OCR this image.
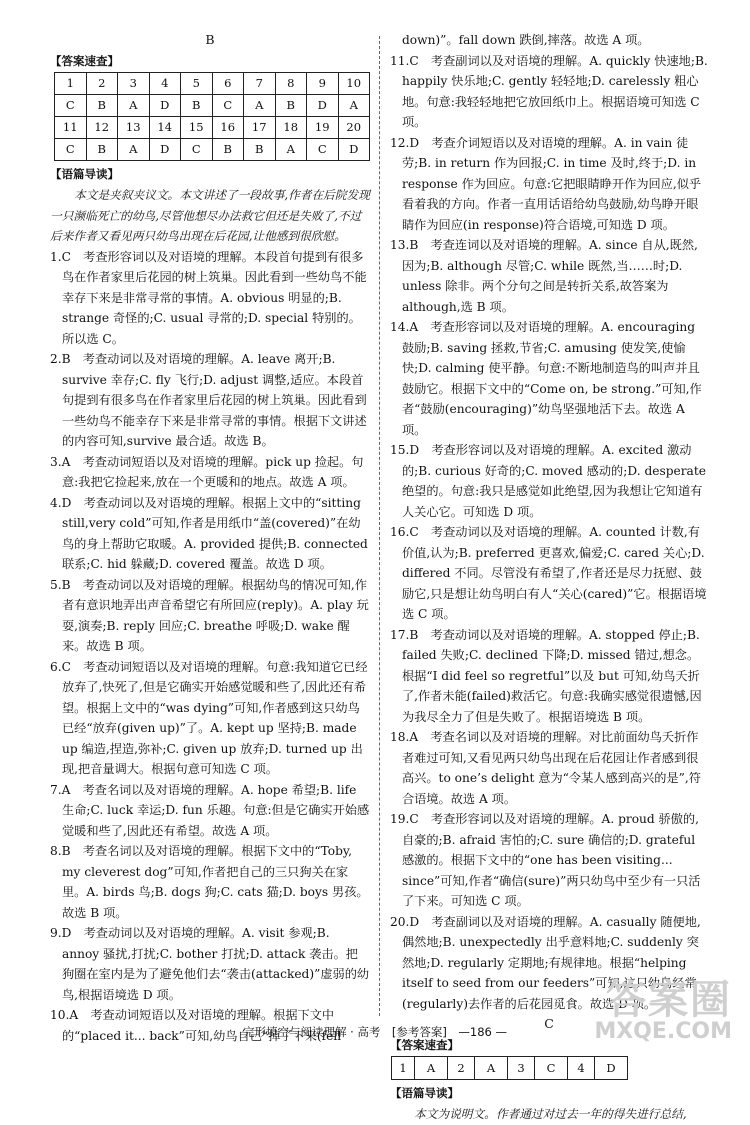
B

【答案速查】
1	2	3	4	5	6	7	8	9	10
C	B	A	D	B	C	A	B	D	A
11	12	13	14	15	16	17	18	19	20
C	B	A	D	C	B	B	A	C	D
【语篇导读】

本文是夹叙夹议文。本文讲述了一段故事,作者在后院发现一只濒临死亡的幼鸟,尽管他想尽办法救它但还是失败了,不过后来作者又看见两只幼鸟出现在后花园,让他感到很欣慰。

1.C　考查形容词以及对语境的理解。本段首句提到有很多鸟在作者家里后花园的树上筑巢。因此看到一些幼鸟不能幸存下来是非常寻常的事情。A. obvious 明显的;B. strange 奇怪的;C. usual 寻常的;D. special 特别的。所以选 C。

2.B　考查动词以及对语境的理解。A. leave 离开;B. survive 幸存;C. fly 飞行;D. adjust 调整,适应。本段首句提到有很多鸟在作者家里后花园的树上筑巢。因此看到一些幼鸟不能幸存下来是非常寻常的事情。根据下文讲述的内容可知,survive 最合适。故选 B。

3.A　考查动词短语以及对语境的理解。pick up 捡起。句意:我把它捡起来,放在一个更暖和的地点。故选 A 项。

4.D　考查动词以及对语境的理解。根据上文中的“sitting still,very cold”可知,作者是用纸巾“盖(covered)”在幼鸟的身上帮助它取暖。A. provided 提供;B. connected 联系;C. hid 躲藏;D. covered 覆盖。故选 D 项。

5.B　考查动词以及对语境的理解。根据幼鸟的情况可知,作者有意识地弄出声音希望它有所回应(reply)。A. play 玩耍,演奏;B. reply 回应;C. breathe 呼吸;D. wake 醒来。故选 B 项。

6.C　考查动词短语以及对语境的理解。句意:我知道它已经放弃了,快死了,但是它确实开始感觉暖和些了,因此还有希望。根据上文中的“was dying”可知,作者感到这只幼鸟已经“放弃(given up)”了。A. kept up 坚持;B. made up 编造,捏造,弥补;C. given up 放弃;D. turned up 出现,把音量调大。根据句意可知选 C 项。

7.A　考查名词以及对语境的理解。A. hope 希望;B. life 生命;C. luck 幸运;D. fun 乐趣。句意:但是它确实开始感觉暖和些了,因此还有希望。故选 A 项。

8.B　考查名词以及对语境的理解。根据下文中的“Toby, my cleverest dog”可知,作者把自己的三只狗关在家里。A. birds 鸟;B. dogs 狗;C. cats 猫;D. boys 男孩。故选 B 项。

9.D　考查动词以及对语境的理解。A. visit 参观;B. annoy 骚扰,打扰;C. bother 打扰;D. attack 袭击。把狗圈在室内是为了避免他们去“袭击(attacked)”虚弱的幼鸟,根据语境选 D 项。

10.A　考查动词短语以及对语境的理解。根据下文中的“placed it... back”可知,幼鸟自己“掉了下来(fell

down)”。fall down 跌倒,摔落。故选 A 项。

11.C　考查副词以及对语境的理解。A. quickly 快速地;B. happily 快乐地;C. gently 轻轻地;D. carelessly 粗心地。句意:我轻轻地把它放回纸巾上。根据语境可知选 C 项。

12.D　考查介词短语以及对语境的理解。A. in vain 徒劳;B. in return 作为回报;C. in time 及时,终于;D. in response 作为回应。句意:它把眼睛睁开作为回应,似乎看着我的方向。作者一直用话语给幼鸟鼓励,幼鸟睁开眼睛作为回应(in response)符合语境,可知选 D 项。

13.B　考查连词以及对语境的理解。A. since 自从,既然,因为;B. although 尽管;C. while 既然,当……时;D. unless 除非。两个分句之间是转折关系,故答案为 although,选 B 项。

14.A　考查形容词以及对语境的理解。A. encouraging 鼓励;B. saving 拯救,节省;C. amusing 使发笑,使愉快;D. calming 使平静。句意:不断地制造鸟的叫声并且鼓励它。根据下文中的“Come on, be strong.”可知,作者“鼓励(encouraging)”幼鸟坚强地活下去。故选 A 项。

15.D　考查形容词以及对语境的理解。A. excited 激动的;B. curious 好奇的;C. moved 感动的;D. desperate 绝望的。句意:我只是感觉如此绝望,因为我想让它知道有人关心它。可知选 D 项。

16.C　考查动词以及对语境的理解。A. counted 计数,有价值,认为;B. preferred 更喜欢,偏爱;C. cared 关心;D. differed 不同。尽管没有希望了,作者还是尽力抚慰、鼓励它,只是想让幼鸟明白有人“关心(cared)”它。根据语境选 C 项。

17.B　考查动词以及对语境的理解。A. stopped 停止;B. failed 失败;C. declined 下降;D. missed 错过,想念。根据“I did feel so regretful”以及 but 可知,幼鸟夭折了,作者未能(failed)救活它。句意:我确实感觉很遗憾,因为我尽全力了但是失败了。根据语境选 B 项。

18.A　考查名词以及对语境的理解。对比前面幼鸟夭折作者难过可知,又看见两只幼鸟出现在后花园让作者感到很高兴。to one’s delight 意为“令某人感到高兴的是”,符合语境。故选 A 项。

19.C　考查形容词以及对语境的理解。A. proud 骄傲的,自豪的;B. afraid 害怕的;C. sure 确信的;D. grateful 感激的。根据下文中的“one has been visiting... since”可知,作者“确信(sure)”两只幼鸟中至少有一只活了下来。可知选 C 项。

20.D　考查副词以及对语境的理解。A. casually 随便地,偶然地;B. unexpectedly 出乎意料地;C. suddenly 突然地;D. regularly 定期地;有规律地。根据“helping itself to seed from our feeders”可知,这只幼鸟经常(regularly)去作者的后花园觅食。故选 D 项。

C

【答案速查】
1	A	2	A	3	C	4	D
【语篇导读】

本文为说明文。作者通过对过去一年的得失进行总结,

完形填空与阅读理解 · 高考　[参考答案]　—186 —
答案圈
MXQE.COM
